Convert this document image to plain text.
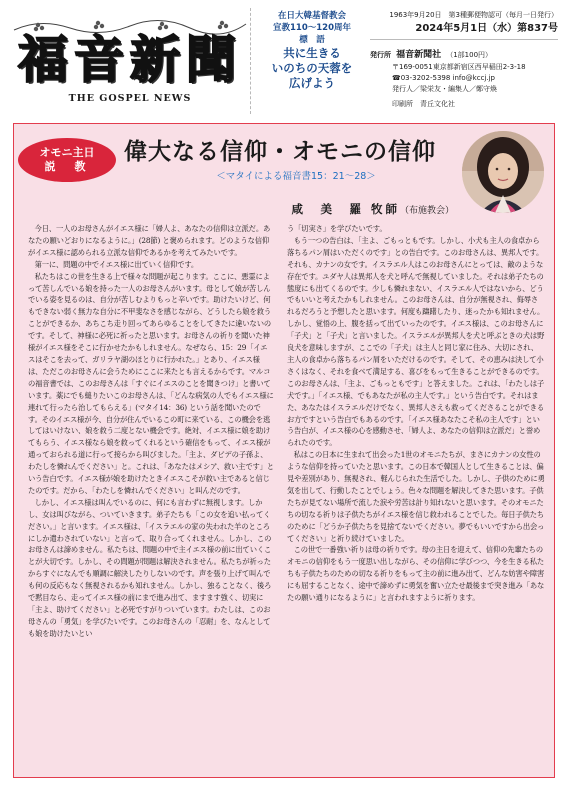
福音新聞
THE GOSPEL NEWS
在日大韓基督教会
宣教110〜120周年
標　語
共に生きる
いのちの天蓉を
広げよう
1963年9月20日　第3種郵便物認可（毎月一日発行）
2024年5月1日（水）第837号
発行所 福音新聞社 （1部100円）
〒169-0051東京都新宿区西早稲田2-3-18
☎03-3202-5398 info@kccj.jp
発行人／梁栄友・編集人／鄭守煥
印刷所　青丘文化社
オモニ主日
説　教
偉大なる信仰・オモニの信仰
＜マタイによる福音書15：21〜28＞
咸　美　羅 牧師（布施教会）

今日、一人のお母さんがイエス様に「婦人よ、あなたの信仰は立派だ。あなたの願いどおりになるように。」(28節) と褒められます。どのような信仰がイエス様に認められる立派な信仰であるかを考えてみたいです。

第一に、問題の中でイエス様に出ていく信仰です。

私たちはこの世を生きる上で様々な問題が起こります。ここに、悪霊によって苦しんでいる娘を持った一人のお母さんがいます。母として娘が苦しんでいる姿を見るのは、自分が苦しむよりもっと辛いです。助けたいけど、何もできない弱く無力な自分に不甲斐なさを感じながら、どうしたら娘を救うことができるか、あちこち走り回ってあらゆることをしてきたに違いないのです。そして、神様に必死に祈ったと思います。お母さんの祈りを聞いた神様がイエス様をそこに行かせたかもしれません。なぜなら、15：29「イエスはそこを去って、ガリラヤ湖のほとりに行かれた。」とあり、イエス様は、ただこのお母さんに会うためにここに来たとも言えるからです。マルコの福音書では、このお母さんは「すぐにイエスのことを聞きつけ」と書いています。薬にでも縋りたいこのお母さんは、「どんな病気の人でもイエス様に連れて行ったら治してもらえる」(マタイ14：36) という話を聞いたのです。そのイエス様が今、自分が住んでいるこの町に来ている、この機会を逃してはいけない、娘を救う二度とない機会です。絶対、イエス様に娘を助けてもらう、イエス様なら娘を救ってくれるという確信をもって、イエス様が通っておられる道に行って接らから叫びました。「主よ、ダビデの子孫よ、わたしを憐れんでください」と。これは、「あなたはメシア、救い主です」という告白です。イエス様が娘を助けたときイエスこそが救い主であると信じたのです。だから、「わたしを憐れんでください」と叫んだのです。

しかし、イエス様は叫んでいるのに、何にも言わずに無視します。しかし、女は叫びながら、ついていきます。弟子たちも「この女を追い払ってください。」と言います。イエス様は、「イスラエルの家の失われた羊のところにしか遣わされていない」と言って、取り合ってくれません。しかし、このお母さんは諦めません。私たちは、問題の中で主イエス様の前に出ていくことが大切です。しかし、その問題が問題は解決されません。私たちが祈ったからすぐになんでも順調に解決したりしないのです。声を張り上げて叫んでも何の反応もなく無視されるかも知れません。しかし、独ることなく、後ろで黙目なら、走ってイエス様の前にまで進み出て、ますます強く、切実に「主よ、助けてください」と必死ですがりついています。わたしは、このお母さんの「勇気」を学びたいです。このお母さんの「忍耐」を、なんとしても娘を助けたいとい

う「切実さ」を学びたいです。

もう一つの告白は、「主よ、ごもっともです。しかし、小犬も主人の食卓から落ちるパン屑はいただくのです」との告白です。このお母さんは、異邦人です。それも、カナンの女です。イスラエル人はこのお母さんにとっては、敵のような存在です。ユダヤ人は異邦人を犬と呼んで無視していました。それは弟子たちの態度にも出てくるのです。少しも憐れまない、イスラエル人ではないから、どうでもいいと考えたかもしれません。このお母さんは、自分が無視され、侮辱されるだろうと予想したと思います。何度も躊躇したり、迷ったかも知れません。しかし、覚悟の上、腹を括って出ていったのです。イエス様は、このお母さんに「子犬」と「子犬」と言いました。イスラエルが異邦人を犬と呼ぶときの犬は野良犬を意味しますが、ここでの「子犬」は主人と同じ家に住み、大切にされ、主人の食卓から落ちるパン屑をいただけるのです。そして、その恵みは決して小さくはなく、それを食べて満足する、喜びをもって生きることができるのです。このお母さんは、「主よ、ごもっともです」と答えました。これは、「わたしは子犬です。」「イエス様、でもあなたが私の主人です。」という告白です。それはまた、あなたはイスラエルだけでなく、異邦人さえも救ってくださることができるお方ですという告白でもあるのです。「イエス様あなたこそ私の主人です」という告白が、イエス様の心を感動させ、「婦人よ、あなたの信仰は立派だ」と誉められたのです。

私はこの日本に生まれて出会った1世のオモニたちが、まさにカナンの女性のような信仰を持っていたと思います。この日本で韓国人として生きることは、偏見や差別があり、無視され、軽んじられた生活でした。しかし、子供のために勇気を出して、行動したことでしょう。色々な問題を解決してきた思います。子供たちが見てない場所で流した涙や労苦は計り知れないと思います。そのオモニたちの切なる祈りは子供たちがイエス様を信じ救われることでした。毎日子供たちのために「どうか子供たちを見捨てないでください。夢でもいいですから出会ってください」と祈り続けていました。

この世で一番強い祈りは母の祈りです。母の主日を迎えて、信仰の先輩たちのオモニの信仰をもう一度思い出しながら、その信仰に学びつつ、今を生きる私たちも子供たちのための切なる祈りをもって主の前に進み出て、どんな妨害や障害にも屈することなく、途中で諦めずに勇気を奮い立たせ最後まで突き進み「あなたの願い通りになるように」と言われますように祈ります。
